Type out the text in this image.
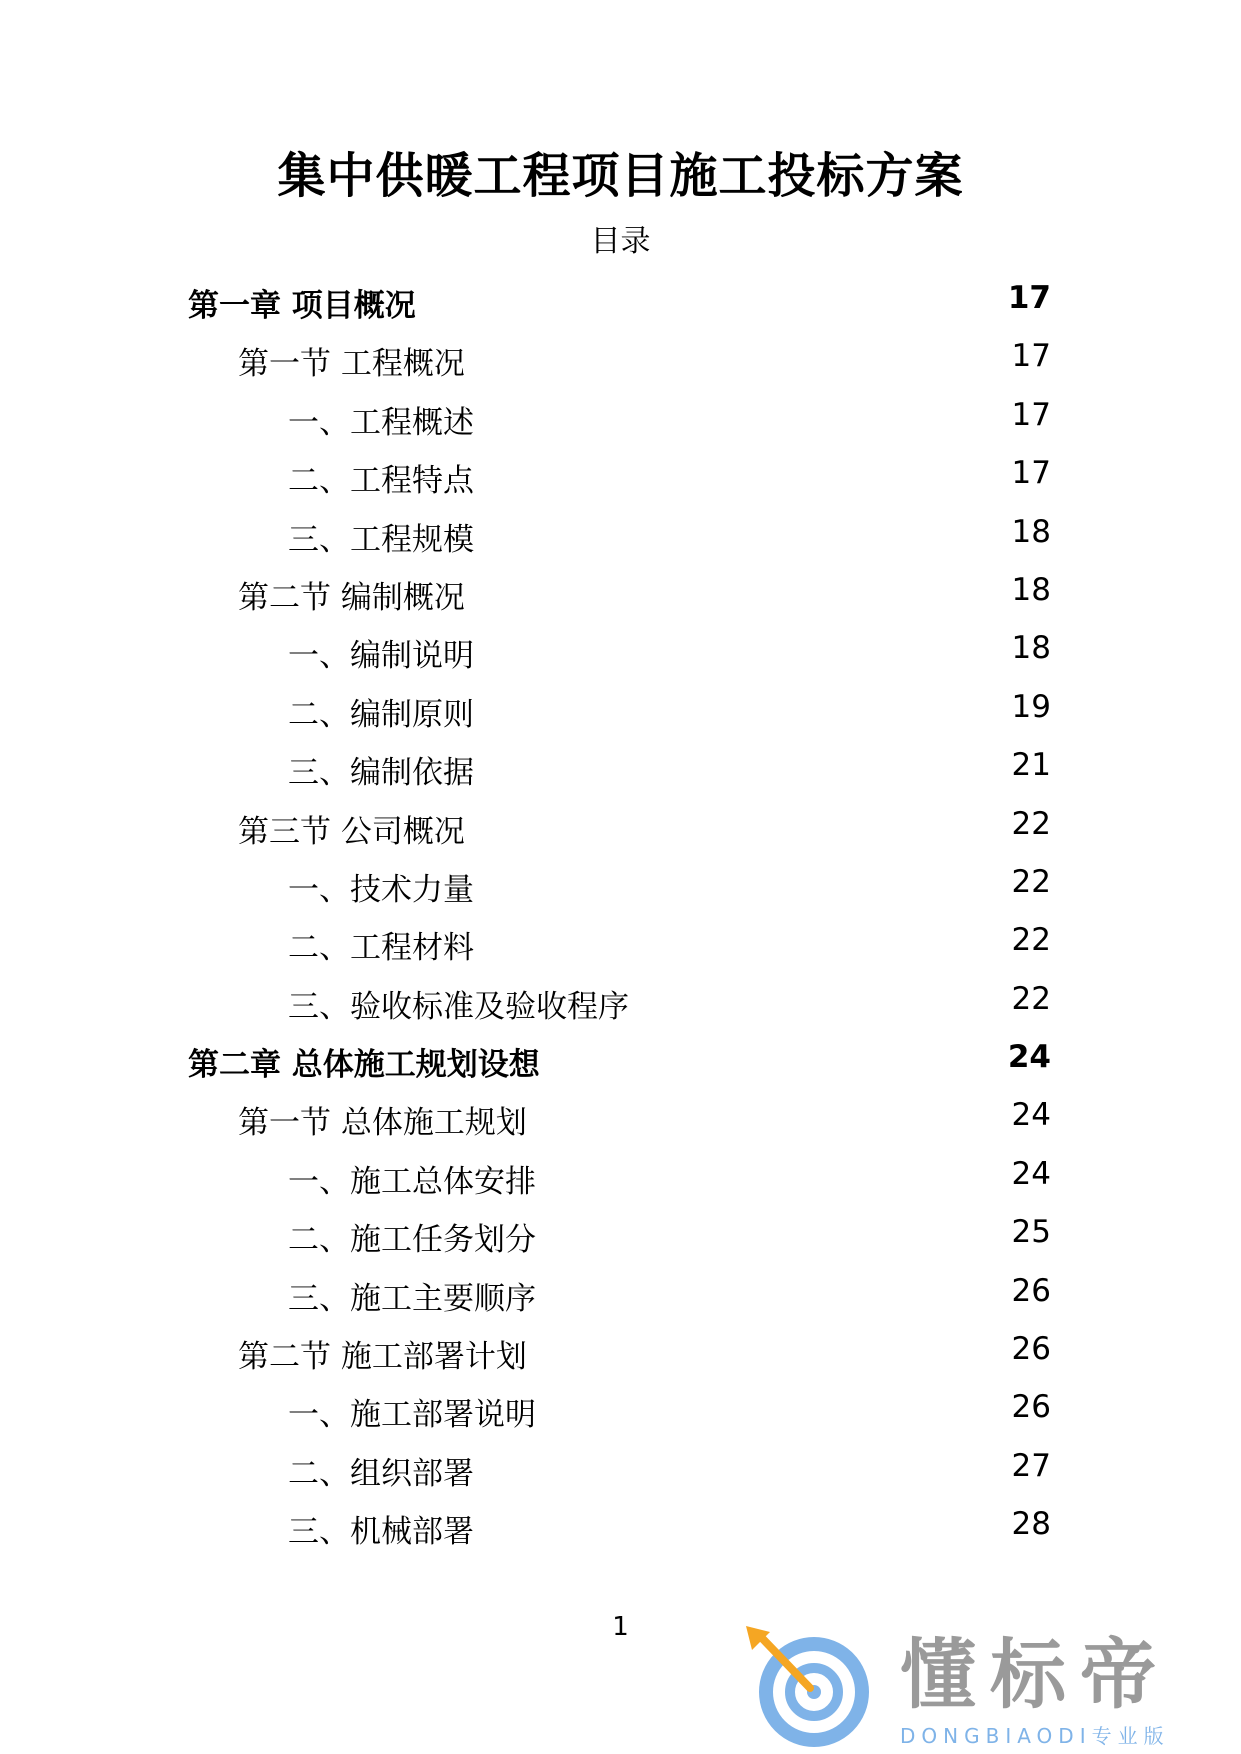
集中供暖工程项目施工投标方案
目录
第一章 项目概况	17
第一节 工程概况	17
一、工程概述	17
二、工程特点	17
三、工程规模	18
第二节 编制概况	18
一、编制说明	18
二、编制原则	19
三、编制依据	21
第三节 公司概况	22
一、技术力量	22
二、工程材料	22
三、验收标准及验收程序	22
第二章 总体施工规划设想	24
第一节 总体施工规划	24
一、施工总体安排	24
二、施工任务划分	25
三、施工主要顺序	26
第二节 施工部署计划	26
一、施工部署说明	26
二、组织部署	27
三、机械部署	28
1
懂标帝
DONGBIAODI专业版
